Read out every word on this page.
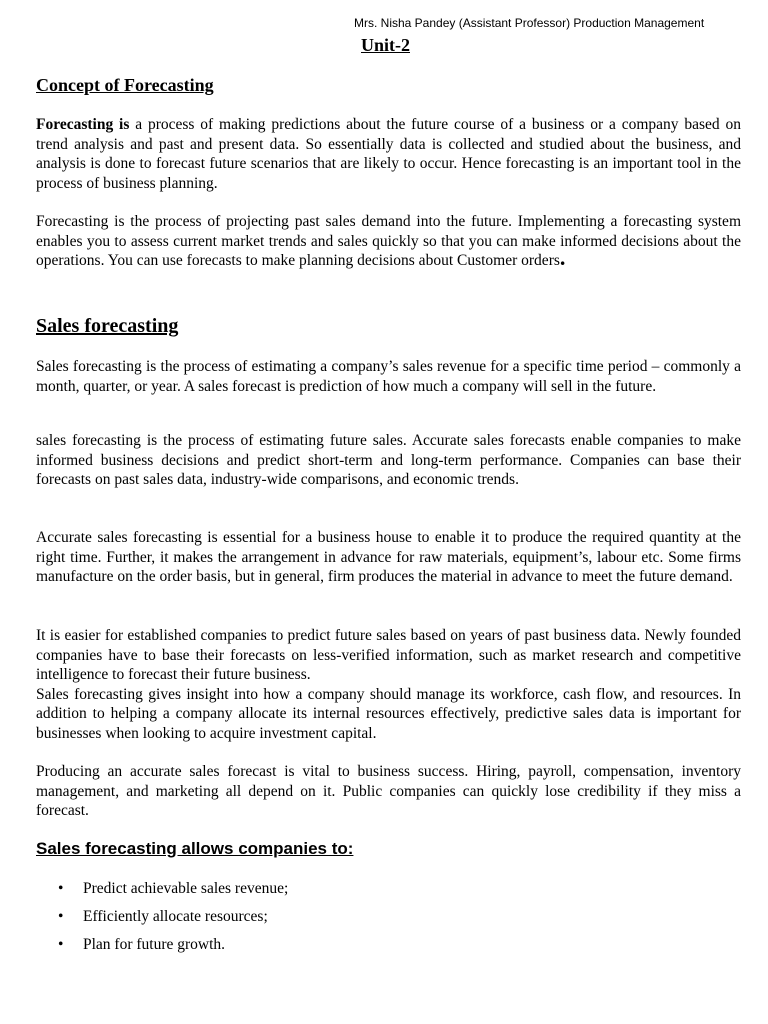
Mrs. Nisha Pandey (Assistant Professor) Production Management
Unit-2
Concept of Forecasting

Forecasting is a process of making predictions about the future course of a business or a company based on trend analysis and past and present data. So essentially data is collected and studied about the business, and analysis is done to forecast future scenarios that are likely to occur. Hence forecasting is an important tool in the process of business planning.

Forecasting is the process of projecting past sales demand into the future. Implementing a forecasting system enables you to assess current market trends and sales quickly so that you can make informed decisions about the operations. You can use forecasts to make planning decisions about Customer orders.

Sales forecasting

Sales forecasting is the process of estimating a company’s sales revenue for a specific time period – commonly a month, quarter, or year. A sales forecast is prediction of how much a company will sell in the future.

sales forecasting is the process of estimating future sales. Accurate sales forecasts enable companies to make informed business decisions and predict short-term and long-term performance. Companies can base their forecasts on past sales data, industry-wide comparisons, and economic trends.

Accurate sales forecasting is essential for a business house to enable it to produce the required quantity at the right time. Further, it makes the arrangement in advance for raw materials, equipment’s, labour etc. Some firms manufacture on the order basis, but in general, firm produces the material in advance to meet the future demand.

It is easier for established companies to predict future sales based on years of past business data. Newly founded companies have to base their forecasts on less-verified information, such as market research and competitive intelligence to forecast their future business.
Sales forecasting gives insight into how a company should manage its workforce, cash flow, and resources. In addition to helping a company allocate its internal resources effectively, predictive sales data is important for businesses when looking to acquire investment capital.

Producing an accurate sales forecast is vital to business success. Hiring, payroll, compensation, inventory management, and marketing all depend on it. Public companies can quickly lose credibility if they miss a forecast.

Sales forecasting allows companies to:
• Predict achievable sales revenue;
• Efficiently allocate resources;
• Plan for future growth.
